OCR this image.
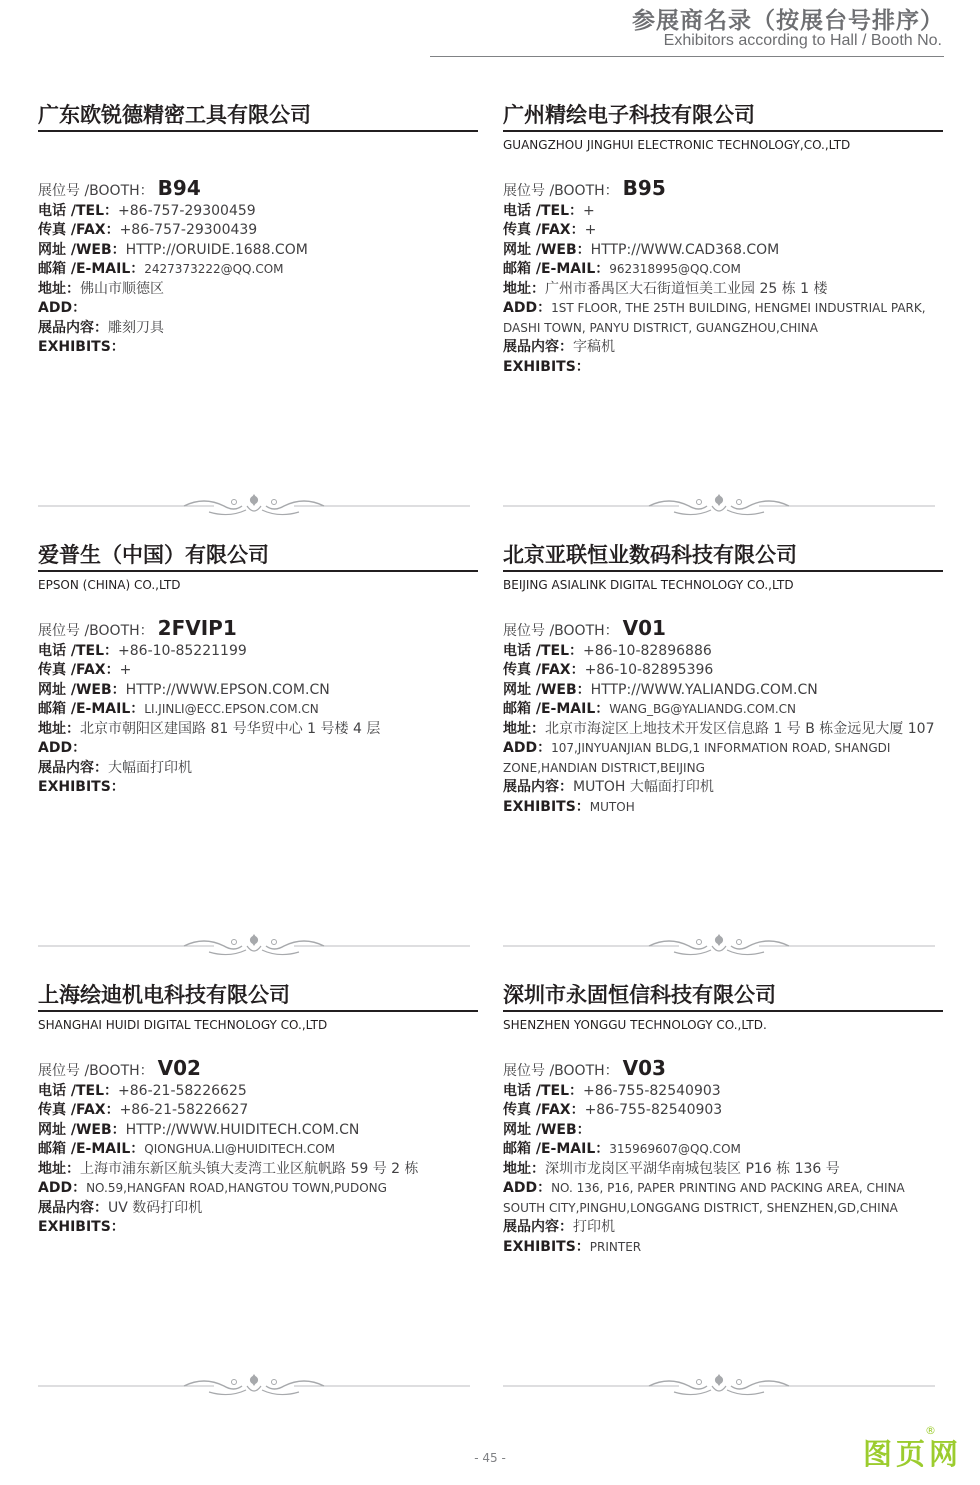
参展商名录（按展台号排序）
Exhibitors according to Hall / Booth No.
广东欧锐德精密工具有限公司
展位号 /BOOTH： B94
电话 /TEL：+86-757-29300459
传真 /FAX：+86-757-29300439
网址 /WEB：HTTP://ORUIDE.1688.COM
邮箱 /E-MAIL：2427373222@QQ.COM
地址：佛山市顺德区
ADD：
展品内容：雕刻刀具
EXHIBITS：
广州精绘电子科技有限公司
GUANGZHOU JINGHUI ELECTRONIC TECHNOLOGY,CO.,LTD
展位号 /BOOTH： B95
电话 /TEL：+
传真 /FAX：+
网址 /WEB：HTTP://WWW.CAD368.COM
邮箱 /E-MAIL：962318995@QQ.COM
地址：广州市番禺区大石街道恒美工业园 25 栋 1 楼
ADD：1ST FLOOR, THE 25TH BUILDING, HENGMEI INDUSTRIAL PARK, DASHI TOWN, PANYU DISTRICT, GUANGZHOU,CHINA
展品内容：字稿机
EXHIBITS：
爱普生（中国）有限公司
EPSON (CHINA) CO.,LTD
展位号 /BOOTH： 2FVIP1
电话 /TEL：+86-10-85221199
传真 /FAX：+
网址 /WEB：HTTP://WWW.EPSON.COM.CN
邮箱 /E-MAIL：LI.JINLI@ECC.EPSON.COM.CN
地址：北京市朝阳区建国路 81 号华贸中心 1 号楼 4 层
ADD：
展品内容：大幅面打印机
EXHIBITS：
北京亚联恒业数码科技有限公司
BEIJING ASIALINK DIGITAL TECHNOLOGY CO.,LTD
展位号 /BOOTH： V01
电话 /TEL：+86-10-82896886
传真 /FAX：+86-10-82895396
网址 /WEB：HTTP://WWW.YALIANDG.COM.CN
邮箱 /E-MAIL：WANG_BG@YALIANDG.COM.CN
地址：北京市海淀区上地技术开发区信息路 1 号 B 栋金远见大厦 107
ADD：107,JINYUANJIAN BLDG,1 INFORMATION ROAD, SHANGDI ZONE,HANDIAN DISTRICT,BEIJING
展品内容：MUTOH 大幅面打印机
EXHIBITS：MUTOH
上海绘迪机电科技有限公司
SHANGHAI HUIDI DIGITAL TECHNOLOGY CO.,LTD
展位号 /BOOTH： V02
电话 /TEL：+86-21-58226625
传真 /FAX：+86-21-58226627
网址 /WEB：HTTP://WWW.HUIDITECH.COM.CN
邮箱 /E-MAIL：QIONGHUA.LI@HUIDITECH.COM
地址：上海市浦东新区航头镇大麦湾工业区航帆路 59 号 2 栋
ADD：NO.59,HANGFAN ROAD,HANGTOU TOWN,PUDONG
展品内容：UV 数码打印机
EXHIBITS：
深圳市永固恒信科技有限公司
SHENZHEN YONGGU TECHNOLOGY CO.,LTD.
展位号 /BOOTH： V03
电话 /TEL：+86-755-82540903
传真 /FAX：+86-755-82540903
网址 /WEB：
邮箱 /E-MAIL：315969607@QQ.COM
地址：深圳市龙岗区平湖华南城包装区 P16 栋 136 号
ADD：NO. 136, P16, PAPER PRINTING AND PACKING AREA, CHINA SOUTH CITY,PINGHU,LONGGANG DISTRICT, SHENZHEN,GD,CHINA
展品内容：打印机
EXHIBITS：PRINTER
- 45 -	图页网
®
